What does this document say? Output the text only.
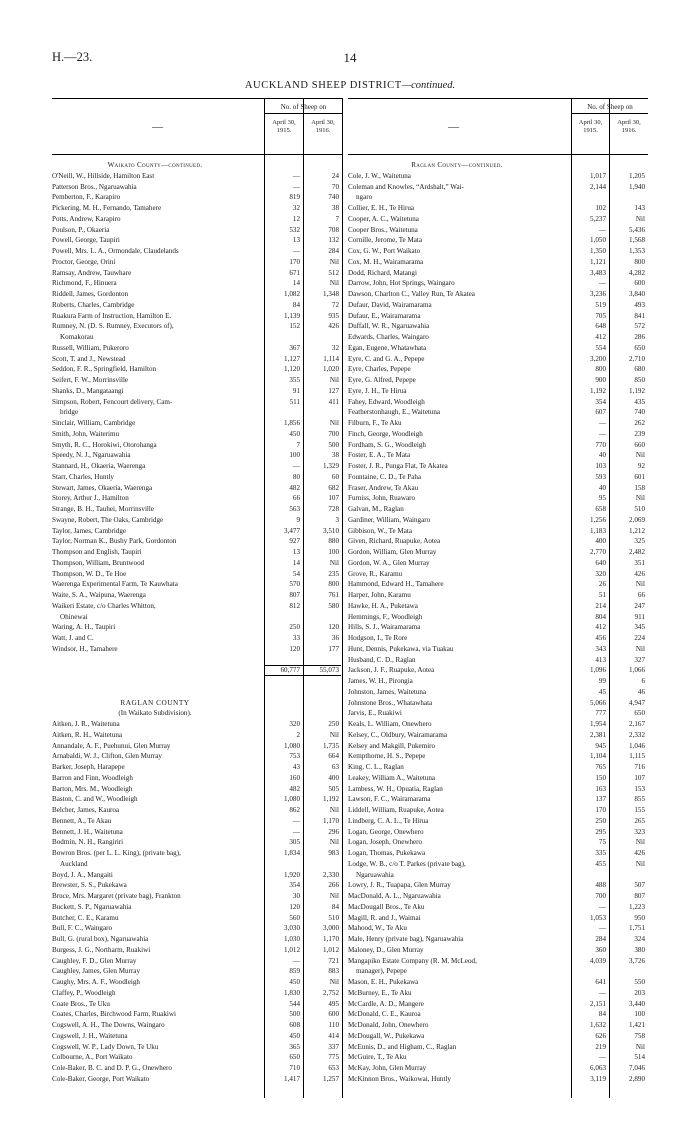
H.—23.	14
AUCKLAND SHEEP DISTRICT—continued.
—
No. of Sheep on
April 30, 1915.
April 30, 1916.
Waikato County—continued.
O'Neill, W., Hillside, Hamilton East	—	24
Patterson Bros., Ngaruawahia	—	70
Pemberton, F., Karapiro	819	740
Pickering, M. H., Fernando, Tamahere	32	38
Potts, Andrew, Karapiro	12	7
Poulson, P., Okaeria	532	708
Powell, George, Taupiri	13	132
Powell, Mrs. L. A., Ormondale, Claudelands	—	284
Proctor, George, Orini	170	Nil
Ramsay, Andrew, Tauwhare	671	512
Richmond, F., Hinuera	14	Nil
Riddell, James, Gordonton	1,082	1,348
Roberts, Charles, Cambridge	84	72
Ruakura Farm of Instruction, Hamilton E.	1,139	935
Rumney, N. (D. S. Rumney, Executors of),	152	426
Komakorau
Russell, William, Pukeroro	367	32
Scott, T. and J., Newstead	1,127	1,114
Seddon, F. R., Springfield, Hamilton	1,120	1,020
Seifert, F. W., Morrinsville	355	Nil
Shanks, D., Mangataangi	91	127
Simpson, Robert, Fencourt delivery, Cam-	511	411
bridge
Sinclair, William, Cambridge	1,856	Nil
Smith, John, Waiterimu	450	700
Smyth, R. C., Horokiwi, Otorohanga	7	500
Speedy, N. J., Ngaruawahia	100	38
Stannard, H., Okaeria, Waerenga	—	1,329
Starr, Charles, Huntly	80	60
Stewart, James, Okaeria, Waerenga	482	682
Storey, Arthur J., Hamilton	66	107
Strange, B. H., Tauhei, Morrinsville	563	728
Swayne, Robert, The Oaks, Cambridge	9	3
Taylor, James, Cambridge	3,477	3,510
Taylor, Norman K., Bushy Park, Gordonton	927	880
Thompson and English, Taupiri	13	100
Thompson, William, Bruntwood	14	Nil
Thompson, W. D., Te Hoe	54	235
Waerenga Experimental Farm, Te Kauwhata	570	800
Waite, S. A., Waipuna, Waerenga	807	761
Waikeri Estate, c/o Charles Whitton,	812	580
Ohinewai
Waring, A. H., Taupiri	250	120
Watt, J. and C.	33	36
Windsor, H., Tamahere	120	177
60,777	55,073
RAGLAN COUNTY
(In Waikato Subdivision).
Aitken, J. R., Waitetuna	320	250
Aitken, R. H., Waitetuna	2	Nil
Annandale, A. F., Puehunui, Glen Murray	1,080	1,735
Arnabaldi, W. J., Clifton, Glen Murray	753	664
Barker, Joseph, Harapepe	43	63
Barron and Finn, Woodleigh	160	400
Barton, Mrs. M., Woodleigh	482	505
Baston, C. and W., Woodleigh	1,080	1,192
Belcher, James, Kauroa	862	Nil
Bennett, A., Te Akau	—	1,170
Bennett, J. H., Waitetuna	—	296
Bodmin, N. H., Rangiriri	305	Nil
Bowron Bros. (per L. L. King), (private bag),	1,834	983
Auckland
Boyd, J. A., Mangaiti	1,920	2,330
Brewster, S. S., Pukekawa	354	266
Bruce, Mrs. Margaret (private bag), Frankton	30	Nil
Buckett, S. P., Ngaruawahia	120	84
Butcher, C. E., Karamu	560	510
Bull, F. C., Waingaro	3,030	3,000
Bull, G. (rural box), Ngaruawahia	1,030	1,170
Burgess, J. G., Northarm, Ruakiwi	1,012	1,012
Caughley, F. D., Glen Murray	—	721
Caughley, James, Glen Murray	859	883
Caughy, Mrs. A. F., Woodleigh	450	Nil
Claffey, P., Woodleigh	1,830	2,752
Coate Bros., Te Uku	544	495
Coates, Charles, Birchwood Farm, Ruakiwi	500	600
Cogswell, A. H., The Downs, Waingaro	608	110
Cogswell, J. H., Waitetuna	450	414
Cogswell, W. P., Lady Down, Te Uku	365	337
Colbourne, A., Port Waikato	650	775
Cole-Baker, B. C. and D. P. G., Onewhero	710	653
Cole-Baker, George, Port Waikato	1,417	1,257
—
No. of Sheep on
April 30, 1915.
April 30, 1916.
Raglan County—continued.
Cole, J. W., Waitetuna	1,017	1,205
Coleman and Knowles, “Ardshalt,” Wai-	2,144	1,940
ngaro
Collier, E. H., Te Hirua	102	143
Cooper, A. C., Waitetuna	5,237	Nil
Cooper Bros., Waitetuna	—	5,436
Cornille, Jerome, Te Mata	1,050	1,568
Cox, G. W., Port Waikato	1,350	1,353
Cox, M. H., Wairamarama	1,121	800
Dodd, Richard, Matangi	3,483	4,282
Darrow, John, Hot Springs, Waingaro	—	600
Dawson, Charlton C., Valley Run, Te Akatea	3,236	3,840
Dufaur, David, Wairamarama	519	493
Dufaur, E., Wairamarama	705	841
Duffall, W. R., Ngaruawahia	648	572
Edwards, Charles, Waingaro	412	286
Egan, Eugene, Whatawhata	554	650
Eyre, C. and G. A., Pepepe	3,200	2,710
Eyre, Charles, Pepepe	800	680
Eyre, G. Alfred, Pepepe	900	850
Eyre, J. H., Te Hirua	1,192	1,192
Fahey, Edward, Woodleigh	354	435
Featherstonhaugh, E., Waitetuna	607	740
Filburn, F., Te Aku	—	262
Finch, George, Woodleigh	—	239
Fordham, S. G., Woodleigh	770	660
Foster, E. A., Te Mata	40	Nil
Foster, J. R., Punga Flat, Te Akatea	103	92
Fountaine, C. D., Te Paha	593	601
Fraser, Andrew, Te Akau	40	158
Furniss, John, Ruawaro	95	Nil
Galvan, M., Raglan	658	510
Gardiner, William, Waingaro	1,256	2,069
Gibbison, W., Te Mata	1,183	1,212
Given, Richard, Ruapuke, Aotea	400	325
Gordon, William, Glen Murray	2,770	2,482
Gordon, W. A., Glen Murray	640	351
Grove, R., Karamu	320	426
Hammond, Edward H., Tamahere	26	Nil
Harper, John, Karamu	51	66
Hawke, H. A., Puketawa	214	247
Hemmings, F., Woodleigh	804	911
Hills, S. J., Wairamarama	412	345
Hodgson, I., Te Rore	456	224
Hunt, Dennis, Pukekawa, via Tuakau	343	Nil
Husband, C. D., Raglan	413	327
Jackson, J. F., Ruapuke, Aotea	1,096	1,066
James, W. H., Pirongia	99	6
Johnston, James, Waitetuna	45	46
Johnstone Bros., Whatawhata	5,066	4,947
Jarvis, E., Ruakiwi	777	650
Keals, L. William, Onewhero	1,954	2,167
Kelsey, C., Oldbury, Wairamarama	2,381	2,332
Kelsey and Makgill, Pukemiro	945	1,046
Kempthorne, H. S., Pepepe	1,104	1,115
King, C. L., Raglan	765	716
Leakey, William A., Waitetuna	150	107
Lambess, W. H., Opuatia, Raglan	163	153
Lawson, F. C., Wairamarama	137	855
Liddell, William, Ruapuke, Aotea	170	155
Lindberg, C. A. L., Te Hirua	250	265
Logan, George, Onewhero	295	323
Logan, Joseph, Onewhero	75	Nil
Logan, Thomas, Pukekawa	335	426
Lodge, W. B., c/o T. Parkes (private bag),	455	Nil
Ngaruawahia
Lowry, J. R., Tuapapa, Glen Murray	488	507
MacDonald, A. L., Ngaruawahia	700	807
MacDougall Bros., Te Aku	—	1,223
Magill, R. and J., Waimai	1,053	950
Mahood, W., Te Aku	—	1,751
Male, Henry (private bag), Ngaruawahia	284	324
Maloney, D., Glen Murray	360	380
Mangapiko Estate Company (R. M. McLeod,	4,039	3,726
manager), Pepepe
Mason, E. H., Pukekawa	641	550
McBurney, E., Te Aku	—	203
McCardle, A. D., Mangere	2,151	3,440
McDonald, C. E., Kauroa	84	100
McDonald, John, Onewhero	1,632	1,421
McDougall, W., Pukekawa	626	758
McEunis, D., and Higham, C., Raglan	219	Nil
McGuire, T., Te Aku	—	514
McKay, John, Glen Murray	6,063	7,046
McKinnon Bros., Waikowai, Huntly	3,119	2,890
